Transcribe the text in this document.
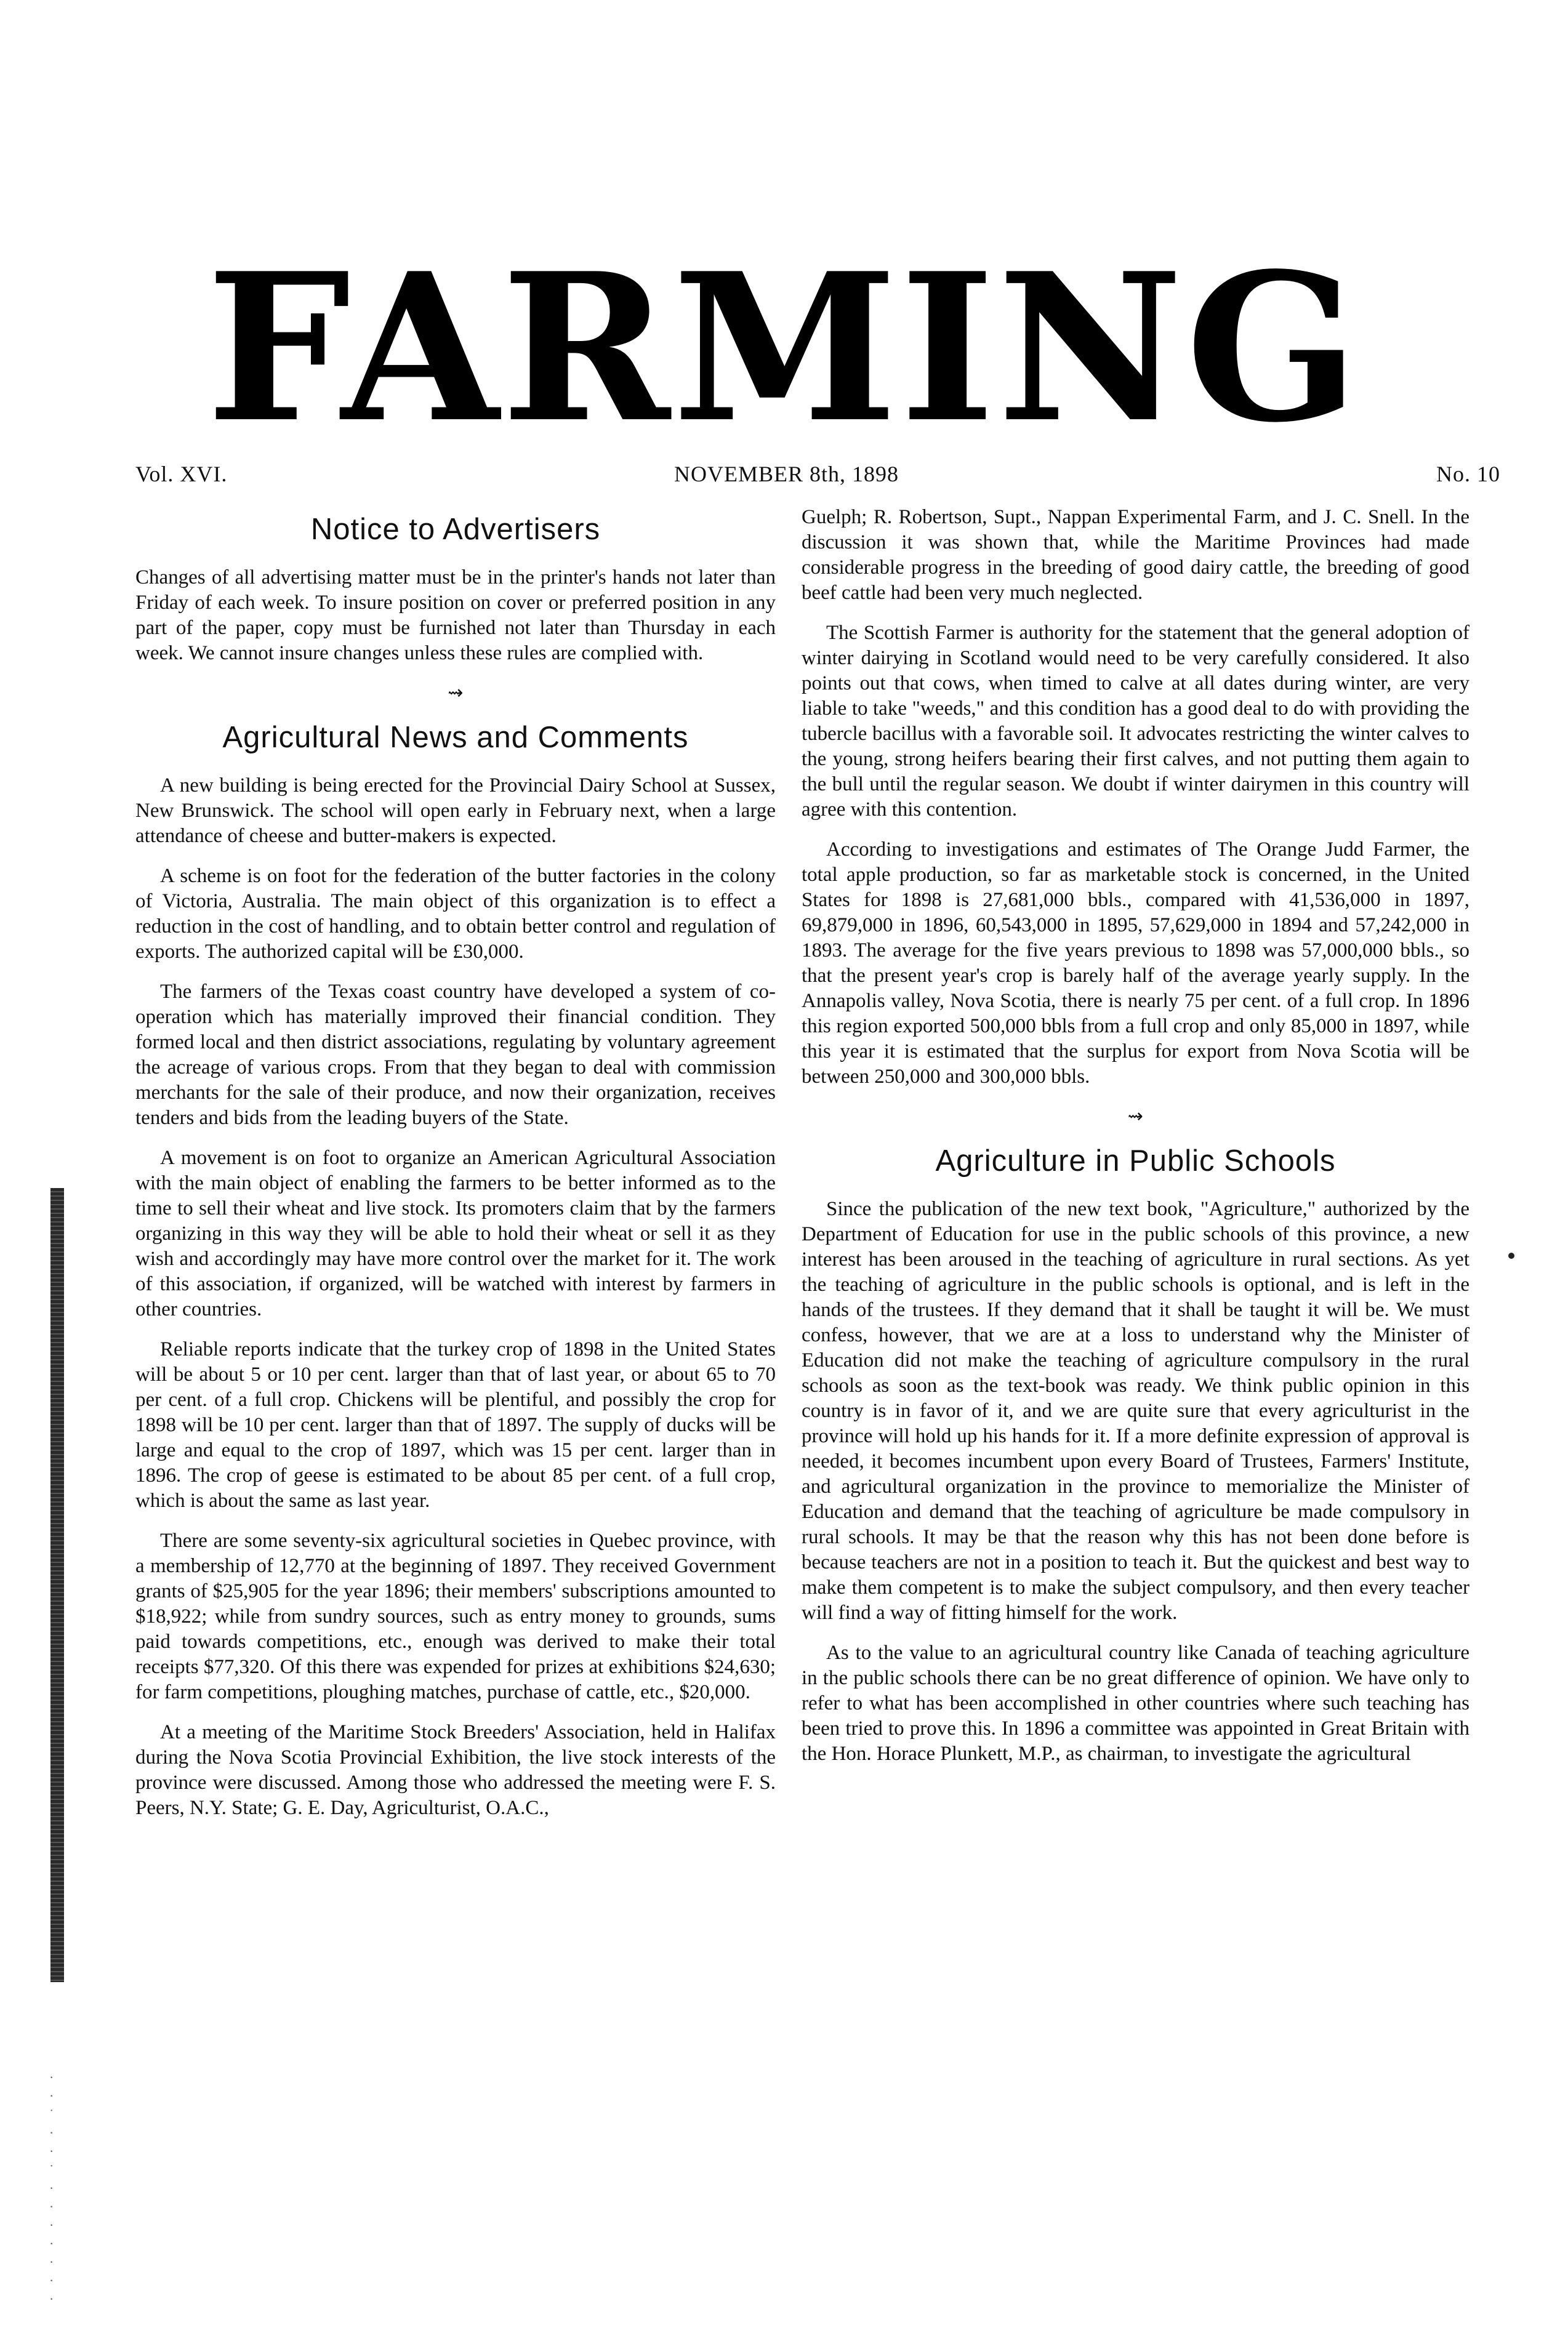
FARMING
Vol. XVI.	NOVEMBER 8th, 1898	No. 10
Notice to Advertisers

Changes of all advertising matter must be in the printer's hands not later than Friday of each week. To insure position on cover or preferred position in any part of the paper, copy must be furnished not later than Thursday in each week. We cannot insure changes unless these rules are complied with.

⇝
Agricultural News and Comments

A new building is being erected for the Provincial Dairy School at Sussex, New Brunswick. The school will open early in February next, when a large attendance of cheese and butter-makers is expected.

A scheme is on foot for the federation of the butter factories in the colony of Victoria, Australia. The main object of this organization is to effect a reduction in the cost of handling, and to obtain better control and regulation of exports. The authorized capital will be £30,000.

The farmers of the Texas coast country have developed a system of co-operation which has materially improved their financial condition. They formed local and then district associations, regulating by voluntary agreement the acreage of various crops. From that they began to deal with commission merchants for the sale of their produce, and now their organization, receives tenders and bids from the leading buyers of the State.

A movement is on foot to organize an American Agricultural Association with the main object of enabling the farmers to be better informed as to the time to sell their wheat and live stock. Its promoters claim that by the farmers organizing in this way they will be able to hold their wheat or sell it as they wish and accordingly may have more control over the market for it. The work of this association, if organized, will be watched with interest by farmers in other countries.

Reliable reports indicate that the turkey crop of 1898 in the United States will be about 5 or 10 per cent. larger than that of last year, or about 65 to 70 per cent. of a full crop. Chickens will be plentiful, and possibly the crop for 1898 will be 10 per cent. larger than that of 1897. The supply of ducks will be large and equal to the crop of 1897, which was 15 per cent. larger than in 1896. The crop of geese is estimated to be about 85 per cent. of a full crop, which is about the same as last year.

There are some seventy-six agricultural societies in Quebec province, with a membership of 12,770 at the beginning of 1897. They received Government grants of $25,905 for the year 1896; their members' subscriptions amounted to $18,922; while from sundry sources, such as entry money to grounds, sums paid towards competitions, etc., enough was derived to make their total receipts $77,320. Of this there was expended for prizes at exhibitions $24,630; for farm competitions, ploughing matches, purchase of cattle, etc., $20,000.

At a meeting of the Maritime Stock Breeders' Association, held in Halifax during the Nova Scotia Provincial Exhibition, the live stock interests of the province were discussed. Among those who addressed the meeting were F. S. Peers, N.Y. State; G. E. Day, Agriculturist, O.A.C.,

Guelph; R. Robertson, Supt., Nappan Experimental Farm, and J. C. Snell. In the discussion it was shown that, while the Maritime Provinces had made considerable progress in the breeding of good dairy cattle, the breeding of good beef cattle had been very much neglected.

The Scottish Farmer is authority for the statement that the general adoption of winter dairying in Scotland would need to be very carefully considered. It also points out that cows, when timed to calve at all dates during winter, are very liable to take "weeds," and this condition has a good deal to do with providing the tubercle bacillus with a favorable soil. It advocates restricting the winter calves to the young, strong heifers bearing their first calves, and not putting them again to the bull until the regular season. We doubt if winter dairymen in this country will agree with this contention.

According to investigations and estimates of The Orange Judd Farmer, the total apple production, so far as marketable stock is concerned, in the United States for 1898 is 27,681,000 bbls., compared with 41,536,000 in 1897, 69,879,000 in 1896, 60,543,000 in 1895, 57,629,000 in 1894 and 57,242,000 in 1893. The average for the five years previous to 1898 was 57,000,000 bbls., so that the present year's crop is barely half of the average yearly supply. In the Annapolis valley, Nova Scotia, there is nearly 75 per cent. of a full crop. In 1896 this region exported 500,000 bbls from a full crop and only 85,000 in 1897, while this year it is estimated that the surplus for export from Nova Scotia will be between 250,000 and 300,000 bbls.

⇝
Agriculture in Public Schools

Since the publication of the new text book, "Agriculture," authorized by the Department of Education for use in the public schools of this province, a new interest has been aroused in the teaching of agriculture in rural sections. As yet the teaching of agriculture in the public schools is optional, and is left in the hands of the trustees. If they demand that it shall be taught it will be. We must confess, however, that we are at a loss to understand why the Minister of Education did not make the teaching of agriculture compulsory in the rural schools as soon as the text-book was ready. We think public opinion in this country is in favor of it, and we are quite sure that every agriculturist in the province will hold up his hands for it. If a more definite expression of approval is needed, it becomes incumbent upon every Board of Trustees, Farmers' Institute, and agricultural organization in the province to memorialize the Minister of Education and demand that the teaching of agriculture be made compulsory in rural schools. It may be that the reason why this has not been done before is because teachers are not in a position to teach it. But the quickest and best way to make them competent is to make the subject compulsory, and then every teacher will find a way of fitting himself for the work.

As to the value to an agricultural country like Canada of teaching agriculture in the public schools there can be no great difference of opinion. We have only to refer to what has been accomplished in other countries where such teaching has been tried to prove this. In 1896 a committee was appointed in Great Britain with the Hon. Horace Plunkett, M.P., as chairman, to investigate the agricultural

·
·
˙
·
·
˙
·
·
·
·
·
·
·
